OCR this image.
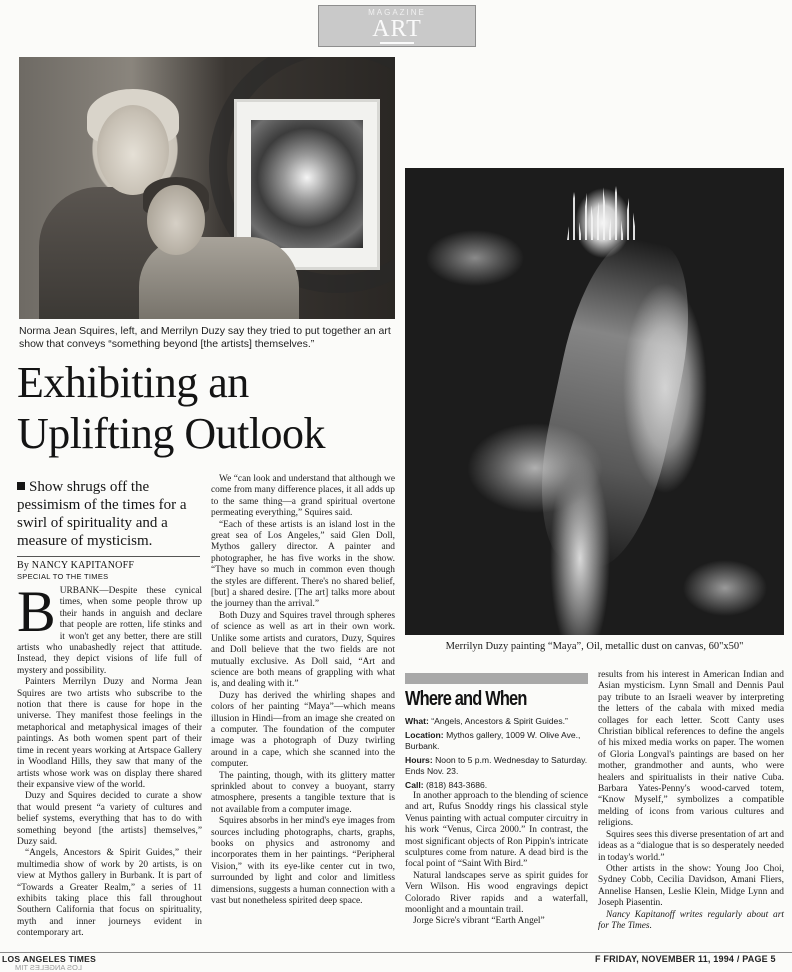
MAGAZINE
ART
Norma Jean Squires, left, and Merrilyn Duzy say they tried to put together an art show that conveys “something beyond [the artists] themselves.”
Exhibiting an
Uplifting Outlook
Show shrugs off the pessimism of the times for a swirl of spirituality and a measure of mysticism.
By NANCY KAPITANOFF
SPECIAL TO THE TIMES
B URBANK—Despite these cynical times, when some people throw up their hands in anguish and declare that people are rotten, life stinks and it won't get any better, there are still artists who unabashedly reject that attitude. Instead, they depict visions of life full of mystery and possibility.

Painters Merrilyn Duzy and Norma Jean Squires are two artists who subscribe to the notion that there is cause for hope in the universe. They manifest those feelings in the metaphorical and metaphysical images of their paintings. As both women spent part of their time in recent years working at Artspace Gallery in Woodland Hills, they saw that many of the artists whose work was on display there shared their expansive view of the world.

Duzy and Squires decided to curate a show that would present “a variety of cultures and belief systems, everything that has to do with something beyond [the artists] themselves,” Duzy said.

“Angels, Ancestors & Spirit Guides,” their multimedia show of work by 20 artists, is on view at Mythos gallery in Burbank. It is part of “Towards a Greater Realm,” a series of 11 exhibits taking place this fall throughout Southern California that focus on spirituality, myth and inner journeys evident in contemporary art.

We “can look and understand that although we come from many difference places, it all adds up to the same thing—a grand spiritual overtone permeating everything,” Squires said.

“Each of these artists is an island lost in the great sea of Los Angeles,” said Glen Doll, Mythos gallery director. A painter and photographer, he has five works in the show. “They have so much in common even though the styles are different. There's no shared belief, [but] a shared desire. [The art] talks more about the journey than the arrival.”

Both Duzy and Squires travel through spheres of science as well as art in their own work. Unlike some artists and curators, Duzy, Squires and Doll believe that the two fields are not mutually exclusive. As Doll said, “Art and science are both means of grappling with what is, and dealing with it.”

Duzy has derived the whirling shapes and colors of her painting “Maya”—which means illusion in Hindi—from an image she created on a computer. The foundation of the computer image was a photograph of Duzy twirling around in a cape, which she scanned into the computer.

The painting, though, with its glittery matter sprinkled about to convey a buoyant, starry atmosphere, presents a tangible texture that is not available from a computer image.

Squires absorbs in her mind's eye images from sources including photographs, charts, graphs, books on physics and astronomy and incorporates them in her paintings. “Peripheral Vision,” with its eye-like center cut in two, surrounded by light and color and limitless dimensions, suggests a human connection with a vast but nonetheless spirited deep space.

Merrilyn Duzy painting “Maya”, Oil, metallic dust on canvas, 60"x50"
Where and When

What: “Angels, Ancestors & Spirit Guides.”

Location: Mythos gallery, 1009 W. Olive Ave., Burbank.

Hours: Noon to 5 p.m. Wednesday to Saturday. Ends Nov. 23.

Call: (818) 843-3686.

In another approach to the blending of science and art, Rufus Snoddy rings his classical style Venus painting with actual computer circuitry in his work “Venus, Circa 2000.” In contrast, the most significant objects of Ron Pippin's intricate sculptures come from nature. A dead bird is the focal point of “Saint With Bird.”

Natural landscapes serve as spirit guides for Vern Wilson. His wood engravings depict Colorado River rapids and a waterfall, moonlight and a mountain trail.

Jorge Sicre's vibrant “Earth Angel”

results from his interest in American Indian and Asian mysticism. Lynn Small and Dennis Paul pay tribute to an Israeli weaver by interpreting the letters of the cabala with mixed media collages for each letter. Scott Canty uses Christian biblical references to define the angels of his mixed media works on paper. The women of Gloria Longval's paintings are based on her mother, grandmother and aunts, who were healers and spiritualists in their native Cuba. Barbara Yates-Penny's wood-carved totem, “Know Myself,” symbolizes a compatible melding of icons from various cultures and religions.

Squires sees this diverse presentation of art and ideas as a “dialogue that is so desperately needed in today's world.”

Other artists in the show: Young Joo Choi, Sydney Cobb, Cecilia Davidson, Amani Fliers, Annelise Hansen, Leslie Klein, Midge Lynn and Joseph Piasentin.

Nancy Kapitanoff writes regularly about art for The Times.

LOS ANGELES TIMES
LOS ANGELES TIM
F FRIDAY, NOVEMBER 11, 1994 / PAGE 5
